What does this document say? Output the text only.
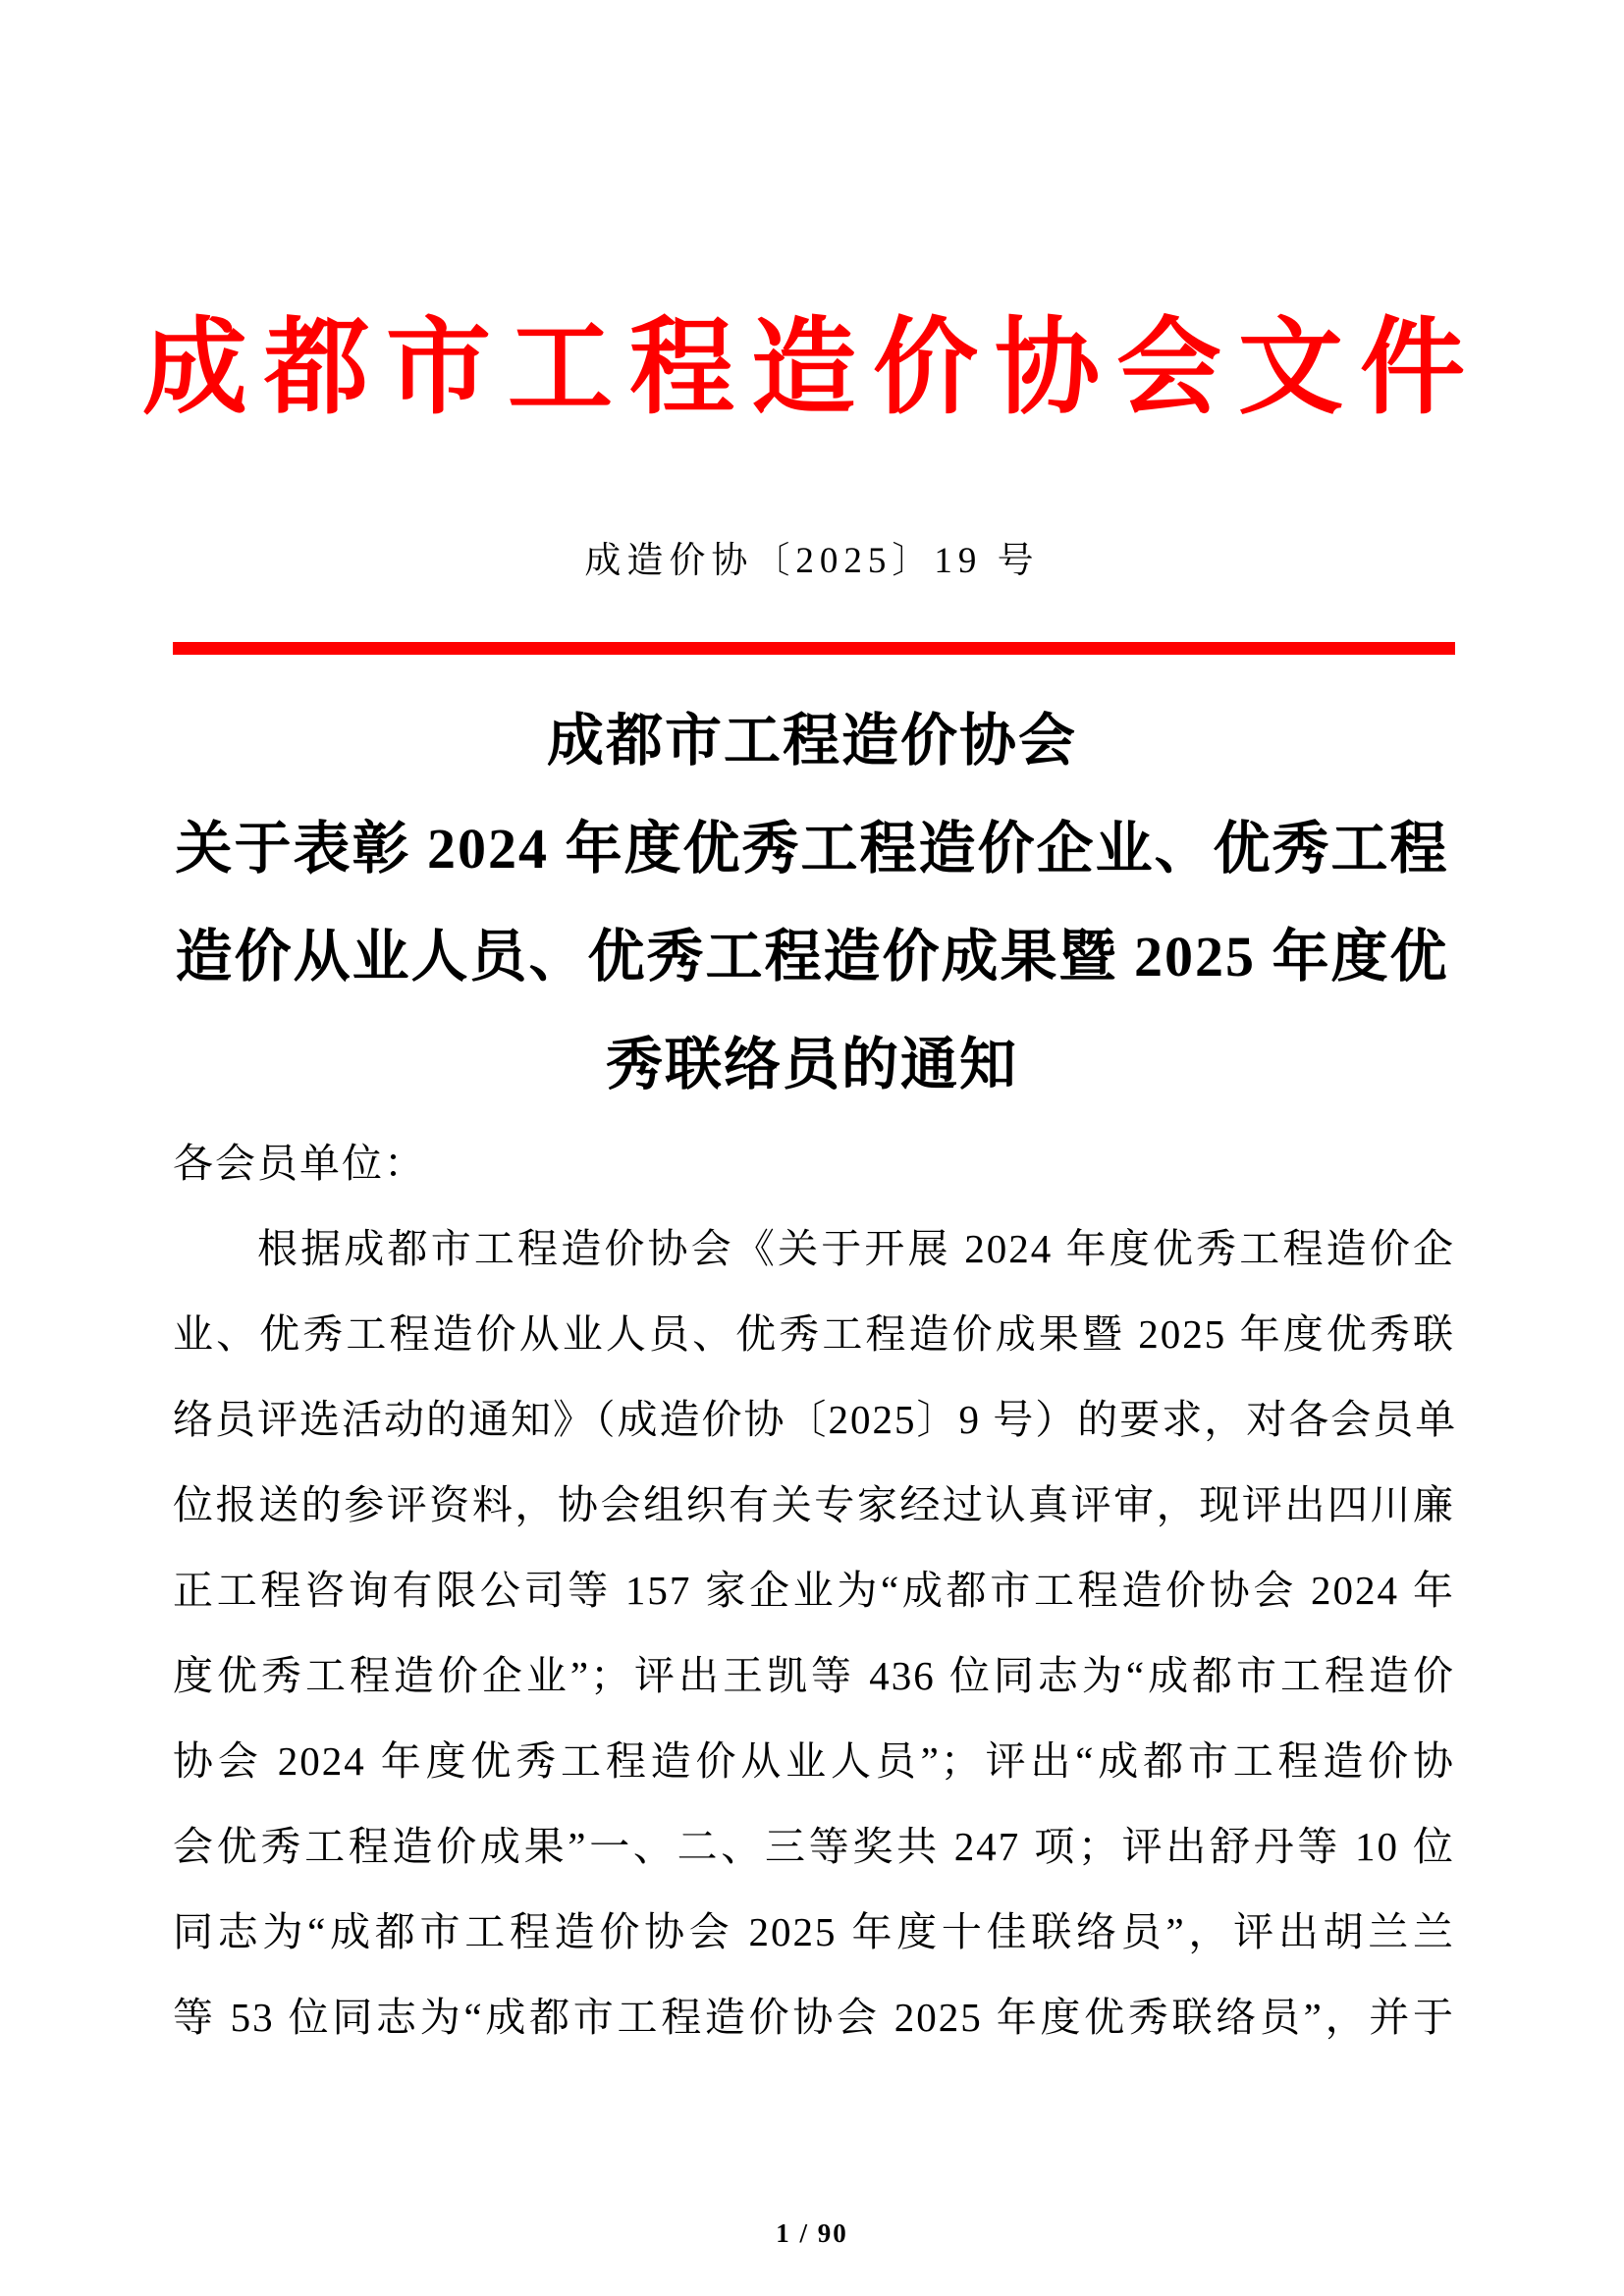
成都市工程造价协会文件
成造价协〔2025〕19 号
成都市工程造价协会
关于表彰 2024 年度优秀工程造价企业、优秀工程
造价从业人员、优秀工程造价成果暨 2025 年度优
秀联络员的通知
各会员单位：
根据成都市工程造价协会《关于开展 2024 年度优秀工程造价企
业、优秀工程造价从业人员、优秀工程造价成果暨 2025 年度优秀联
络员评选活动的通知》（成造价协〔2025〕9 号）的要求，对各会员单
位报送的参评资料，协会组织有关专家经过认真评审，现评出四川廉
正工程咨询有限公司等 157 家企业为“成都市工程造价协会 2024 年
度优秀工程造价企业”；评出王凯等 436 位同志为“成都市工程造价
协会 2024 年度优秀工程造价从业人员”；评出“成都市工程造价协
会优秀工程造价成果”一、二、三等奖共 247 项；评出舒丹等 10 位
同志为“成都市工程造价协会 2025 年度十佳联络员”，评出胡兰兰
等 53 位同志为“成都市工程造价协会 2025 年度优秀联络员”，并于
1 / 90
